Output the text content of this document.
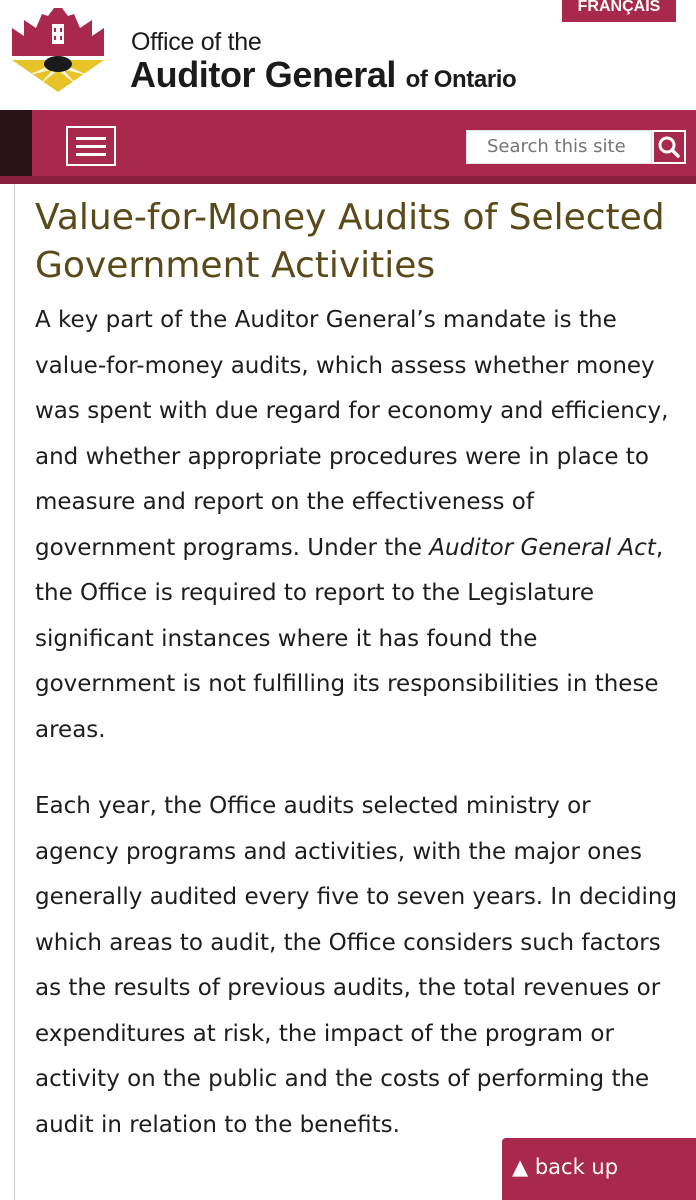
Office of the
Auditor General of Ontario
FRANÇAIS
Search this site
Value-for-Money Audits of Selected Government Activities

A key part of the Auditor General’s mandate is the value-for-money audits, which assess whether money was spent with due regard for economy and efficiency, and whether appropriate procedures were in place to measure and report on the effectiveness of government programs. Under the Auditor General Act, the Office is required to report to the Legislature significant instances where it has found the government is not fulfilling its responsibilities in these areas.

Each year, the Office audits selected ministry or agency programs and activities, with the major ones generally audited every five to seven years. In deciding which areas to audit, the Office considers such factors as the results of previous audits, the total revenues or expenditures at risk, the impact of the program or activity on the public and the costs of performing the audit in relation to the benefits.

▲ back up
